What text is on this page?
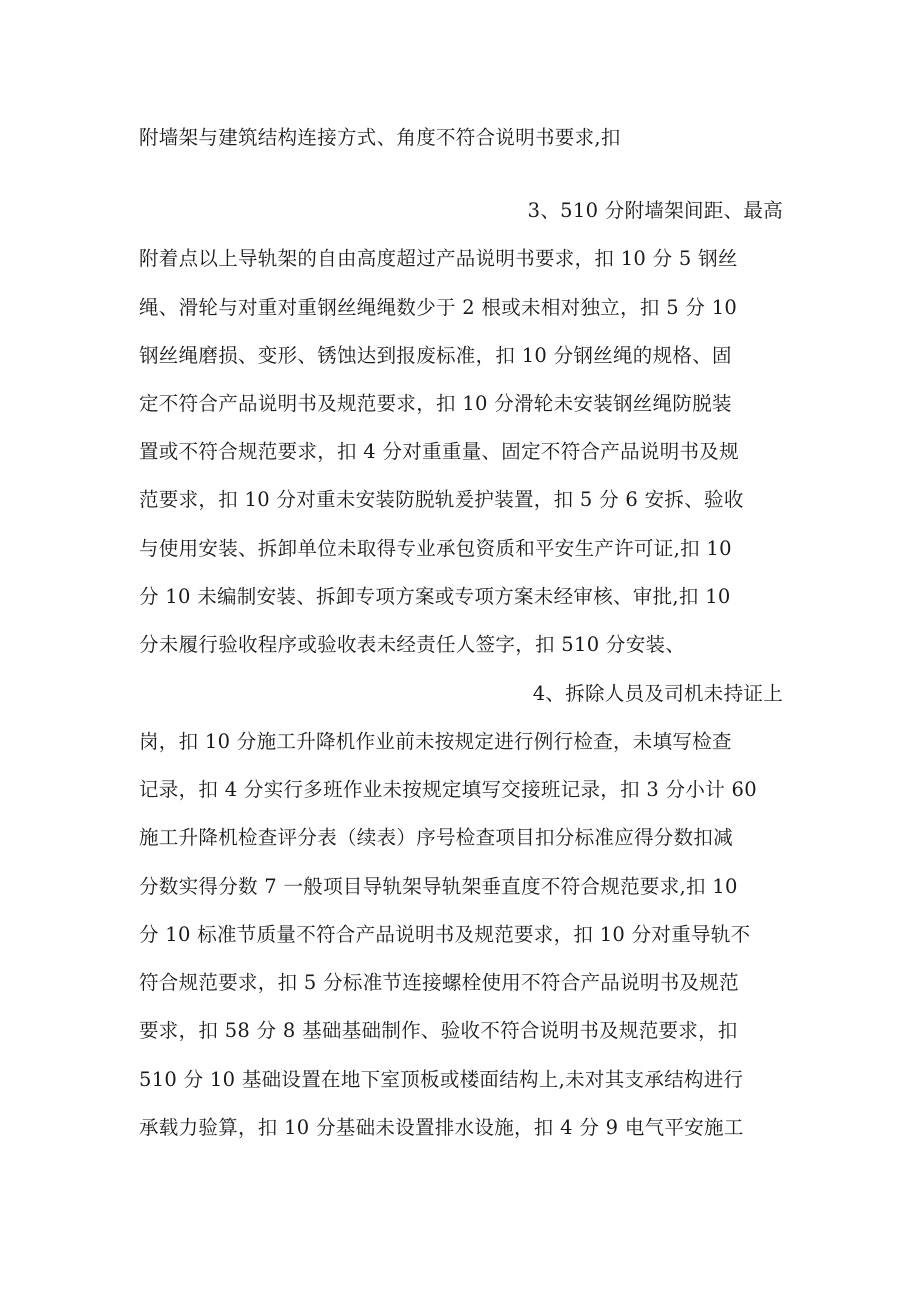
附墙架与建筑结构连接方式、角度不符合说明书要求,扣
3、510 分附墙架间距、最高
附着点以上导轨架的自由高度超过产品说明书要求，扣 10 分 5 钢丝
绳、滑轮与对重对重钢丝绳绳数少于 2 根或未相对独立，扣 5 分 10
钢丝绳磨损、变形、锈蚀达到报废标准，扣 10 分钢丝绳的规格、固
定不符合产品说明书及规范要求，扣 10 分滑轮未安装钢丝绳防脱装
置或不符合规范要求，扣 4 分对重重量、固定不符合产品说明书及规
范要求，扣 10 分对重未安装防脱轨爰护装置，扣 5 分 6 安拆、验收
与使用安装、拆卸单位未取得专业承包资质和平安生产许可证,扣 10
分 10 未编制安装、拆卸专项方案或专项方案未经审核、审批,扣 10
分未履行验收程序或验收表未经责任人签字，扣 510 分安装、
4、拆除人员及司机未持证上
岗，扣 10 分施工升降机作业前未按规定进行例行检查，未填写检查
记录，扣 4 分实行多班作业未按规定填写交接班记录，扣 3 分小计 60
施工升降机检查评分表（续表）序号检查项目扣分标准应得分数扣减
分数实得分数 7 一般项目导轨架导轨架垂直度不符合规范要求,扣 10
分 10 标准节质量不符合产品说明书及规范要求，扣 10 分对重导轨不
符合规范要求，扣 5 分标准节连接螺栓使用不符合产品说明书及规范
要求，扣 58 分 8 基础基础制作、验收不符合说明书及规范要求，扣
510 分 10 基础设置在地下室顶板或楼面结构上,未对其支承结构进行
承载力验算，扣 10 分基础未设置排水设施，扣 4 分 9 电气平安施工
